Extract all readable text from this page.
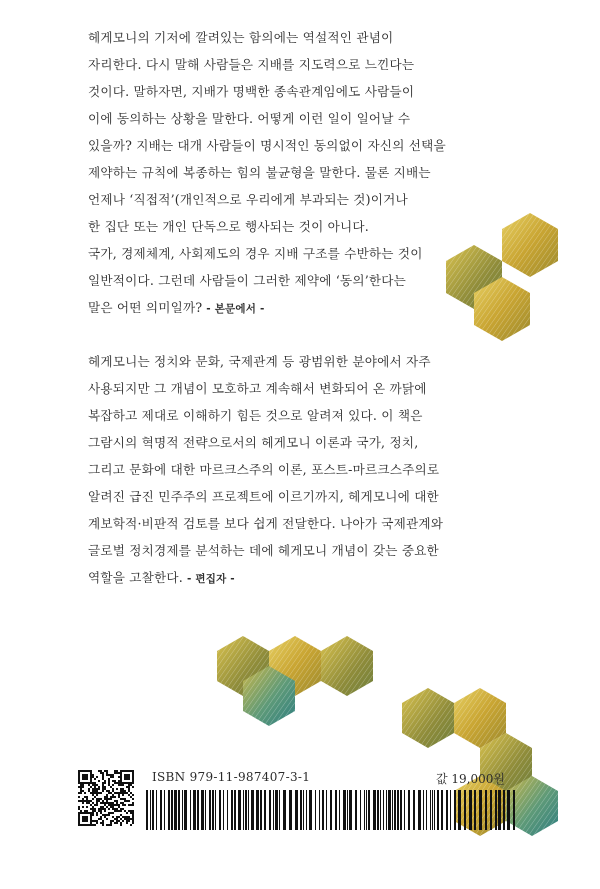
헤게모니의 기저에 깔려있는 함의에는 역설적인 관념이
자리한다. 다시 말해 사람들은 지배를 지도력으로 느낀다는
것이다. 말하자면, 지배가 명백한 종속관계임에도 사람들이
이에 동의하는 상황을 말한다. 어떻게 이런 일이 일어날 수
있을까? 지배는 대개 사람들이 명시적인 동의없이 자신의 선택을
제약하는 규칙에 복종하는 힘의 불균형을 말한다. 물론 지배는
언제나 ‘직접적’(개인적으로 우리에게 부과되는 것)이거나
한 집단 또는 개인 단독으로 행사되는 것이 아니다.
국가, 경제체계, 사회제도의 경우 지배 구조를 수반하는 것이
일반적이다. 그런데 사람들이 그러한 제약에 ‘동의’한다는
말은 어떤 의미일까? - 본문에서 -
헤게모니는 정치와 문화, 국제관계 등 광범위한 분야에서 자주
사용되지만 그 개념이 모호하고 계속해서 변화되어 온 까닭에
복잡하고 제대로 이해하기 힘든 것으로 알려져 있다. 이 책은
그람시의 혁명적 전략으로서의 헤게모니 이론과 국가, 정치,
그리고 문화에 대한 마르크스주의 이론, 포스트-마르크스주의로
알려진 급진 민주주의 프로젝트에 이르기까지, 헤게모니에 대한
계보학적·비판적 검토를 보다 쉽게 전달한다. 나아가 국제관계와
글로벌 정치경제를 분석하는 데에 헤게모니 개념이 갖는 중요한
역할을 고찰한다. - 편집자 -
ISBN 979-11-987407-3-1	값 19,000원
